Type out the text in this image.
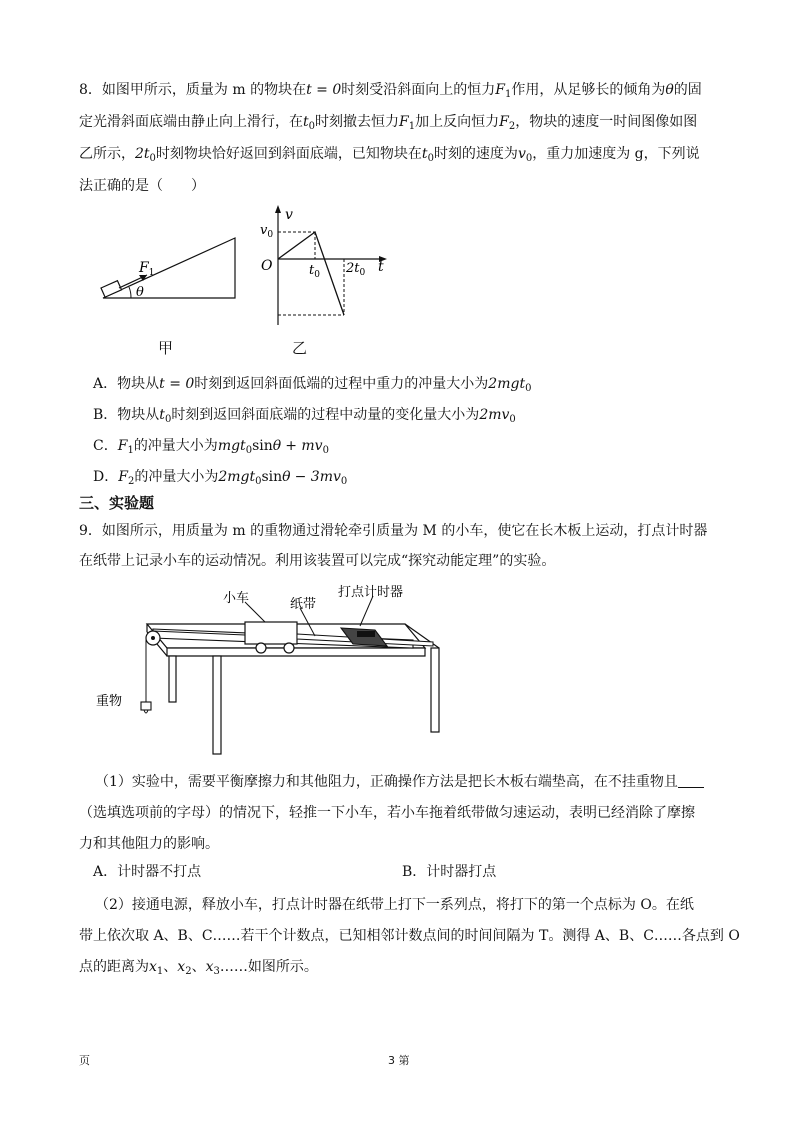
8．如图甲所示，质量为 m 的物块在t = 0时刻受沿斜面向上的恒力$F_1$作用，从足够长的倾角为θ的固
定光滑斜面底端由静止向上滑行，在$t_0$时刻撤去恒力$F_1$加上反向恒力$F_2$，物块的速度一时间图像如图
乙所示，$2t_0$时刻物块恰好返回到斜面底端，已知物块在$t_0$时刻的速度为$v_0$，重力加速度为 g，下列说
法正确的是（　　）
$F_1$
θ
甲
v
$v_0$
O	$t_0$ $2t_0$ t
乙
A．物块从t = 0时刻到返回斜面低端的过程中重力的冲量大小为2mgt$_0$
B．物块从$t_0$时刻到返回斜面底端的过程中动量的变化量大小为$2mv_0$
C．$F_1$的冲量大小为$mgt_0\sin\theta + mv_0$
D．$F_2$的冲量大小为$2mgt_0\sin\theta - 3mv_0$
三、实验题
9．如图所示，用质量为 m 的重物通过滑轮牵引质量为 M 的小车，使它在长木板上运动，打点计时器
在纸带上记录小车的运动情况。利用该装置可以完成“探究动能定理”的实验。
小车	纸带
打点计时器
重物
（1）实验中，需要平衡摩擦力和其他阻力，正确操作方法是把长木板右端垫高，在不挂重物且
（选填选项前的字母）的情况下，轻推一下小车，若小车拖着纸带做匀速运动，表明已经消除了摩擦
力和其他阻力的影响。
A．计时器不打点	B．计时器打点
（2）接通电源，释放小车，打点计时器在纸带上打下一系列点，将打下的第一个点标为 O。在纸
带上依次取 A、B、C……若干个计数点，已知相邻计数点间的时间间隔为 T。测得 A、B、C……各点到 O
点的距离为$x_1$、$x_2$、$x_3\dots\dots$如图所示。
页	3 第
